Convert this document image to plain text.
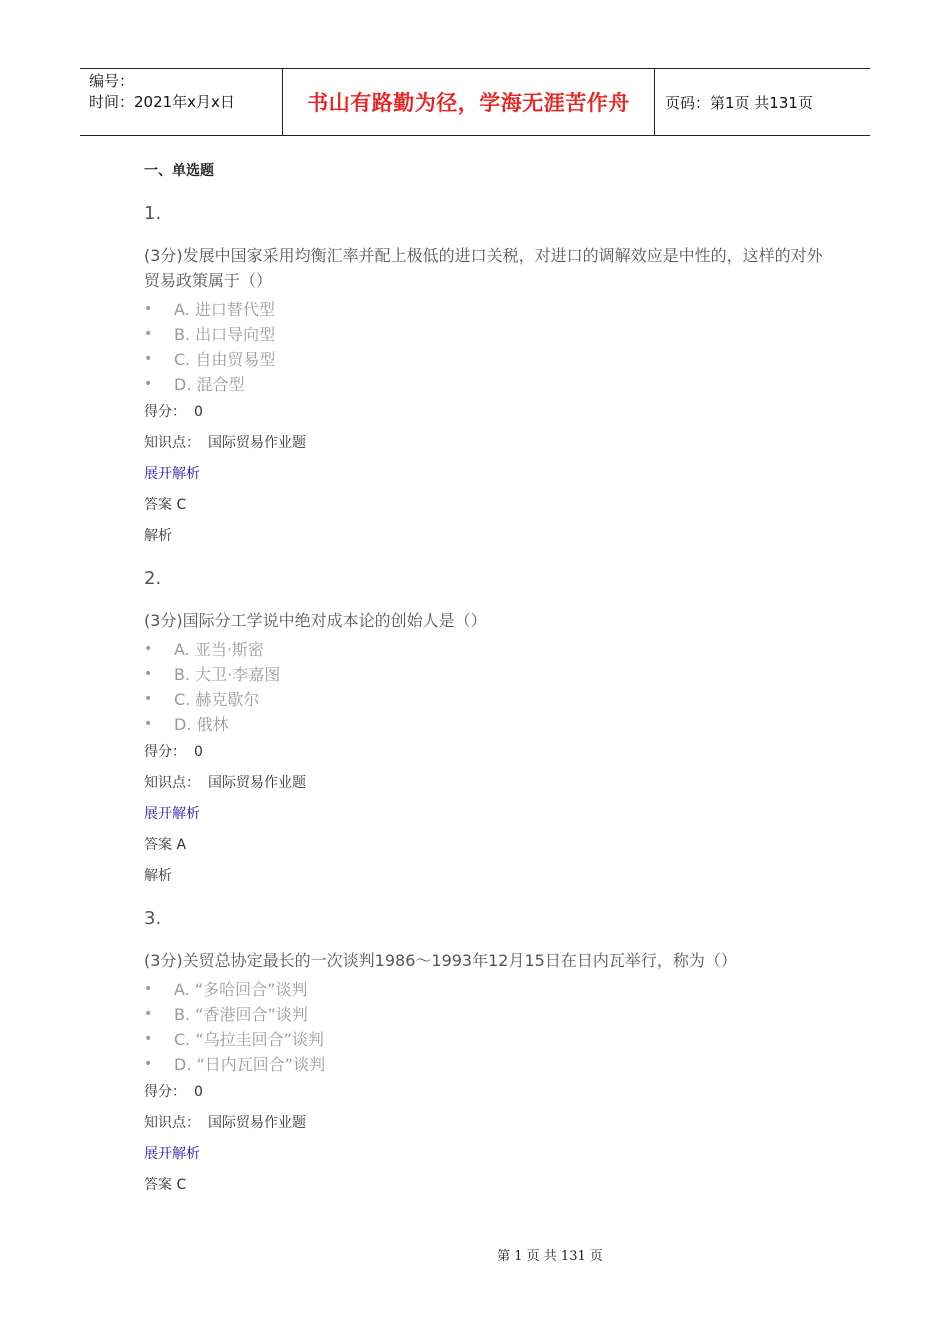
编号：
时间：2021年x月x日	书山有路勤为径，学海无涯苦作舟	页码：第1页 共131页
一、单选题
1.
(3分)发展中国家采用均衡汇率并配上极低的进口关税，对进口的调解效应是中性的，这样的对外贸易政策属于（）
• A. 进口替代型
• B. 出口导向型
• C. 自由贸易型
• D. 混合型
得分： 0
知识点： 国际贸易作业题
展开解析
答案 C
解析
2.
(3分)国际分工学说中绝对成本论的创始人是（）
• A. 亚当·斯密
• B. 大卫·李嘉图
• C. 赫克歇尔
• D. 俄林
得分： 0
知识点： 国际贸易作业题
展开解析
答案 A
解析
3.
(3分)关贸总协定最长的一次谈判1986～1993年12月15日在日内瓦举行，称为（）
• A. “多哈回合”谈判
• B. “香港回合”谈判
• C. “乌拉圭回合”谈判
• D. “日内瓦回合”谈判
得分： 0
知识点： 国际贸易作业题
展开解析
答案 C
第 1 页 共 131 页
